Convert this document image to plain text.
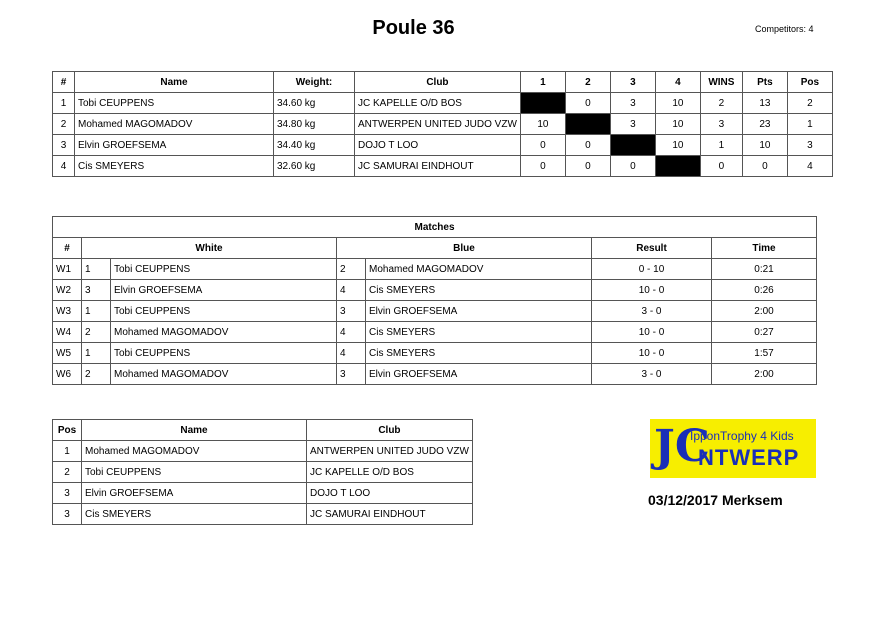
Poule 36	Competitors: 4
#	Name	Weight:	Club	1	2	3	4	WINS	Pts	Pos
1	Tobi CEUPPENS	34.60 kg	JC KAPELLE O/D BOS		0	3	10	2	13	2
2	Mohamed MAGOMADOV	34.80 kg	ANTWERPEN UNITED JUDO VZW	10		3	10	3	23	1
3	Elvin GROEFSEMA	34.40 kg	DOJO T LOO	0	0		10	1	10	3
4	Cis SMEYERS	32.60 kg	JC SAMURAI EINDHOUT	0	0	0		0	0	4
Matches						
#	White		Blue		Result	Time
W1	1	Tobi CEUPPENS	2	Mohamed MAGOMADOV	0 - 10	0:21
W2	3	Elvin GROEFSEMA	4	Cis SMEYERS	10 - 0	0:26
W3	1	Tobi CEUPPENS	3	Elvin GROEFSEMA	3 - 0	2:00
W4	2	Mohamed MAGOMADOV	4	Cis SMEYERS	10 - 0	0:27
W5	1	Tobi CEUPPENS	4	Cis SMEYERS	10 - 0	1:57
W6	2	Mohamed MAGOMADOV	3	Elvin GROEFSEMA	3 - 0	2:00
Pos	Name	Club
1	Mohamed MAGOMADOV	ANTWERPEN UNITED JUDO VZW
2	Tobi CEUPPENS	JC KAPELLE O/D BOS
3	Elvin GROEFSEMA	DOJO T LOO
3	Cis SMEYERS	JC SAMURAI EINDHOUT
JC
IpponTrophy 4 Kids
NTWERP
03/12/2017 Merksem
